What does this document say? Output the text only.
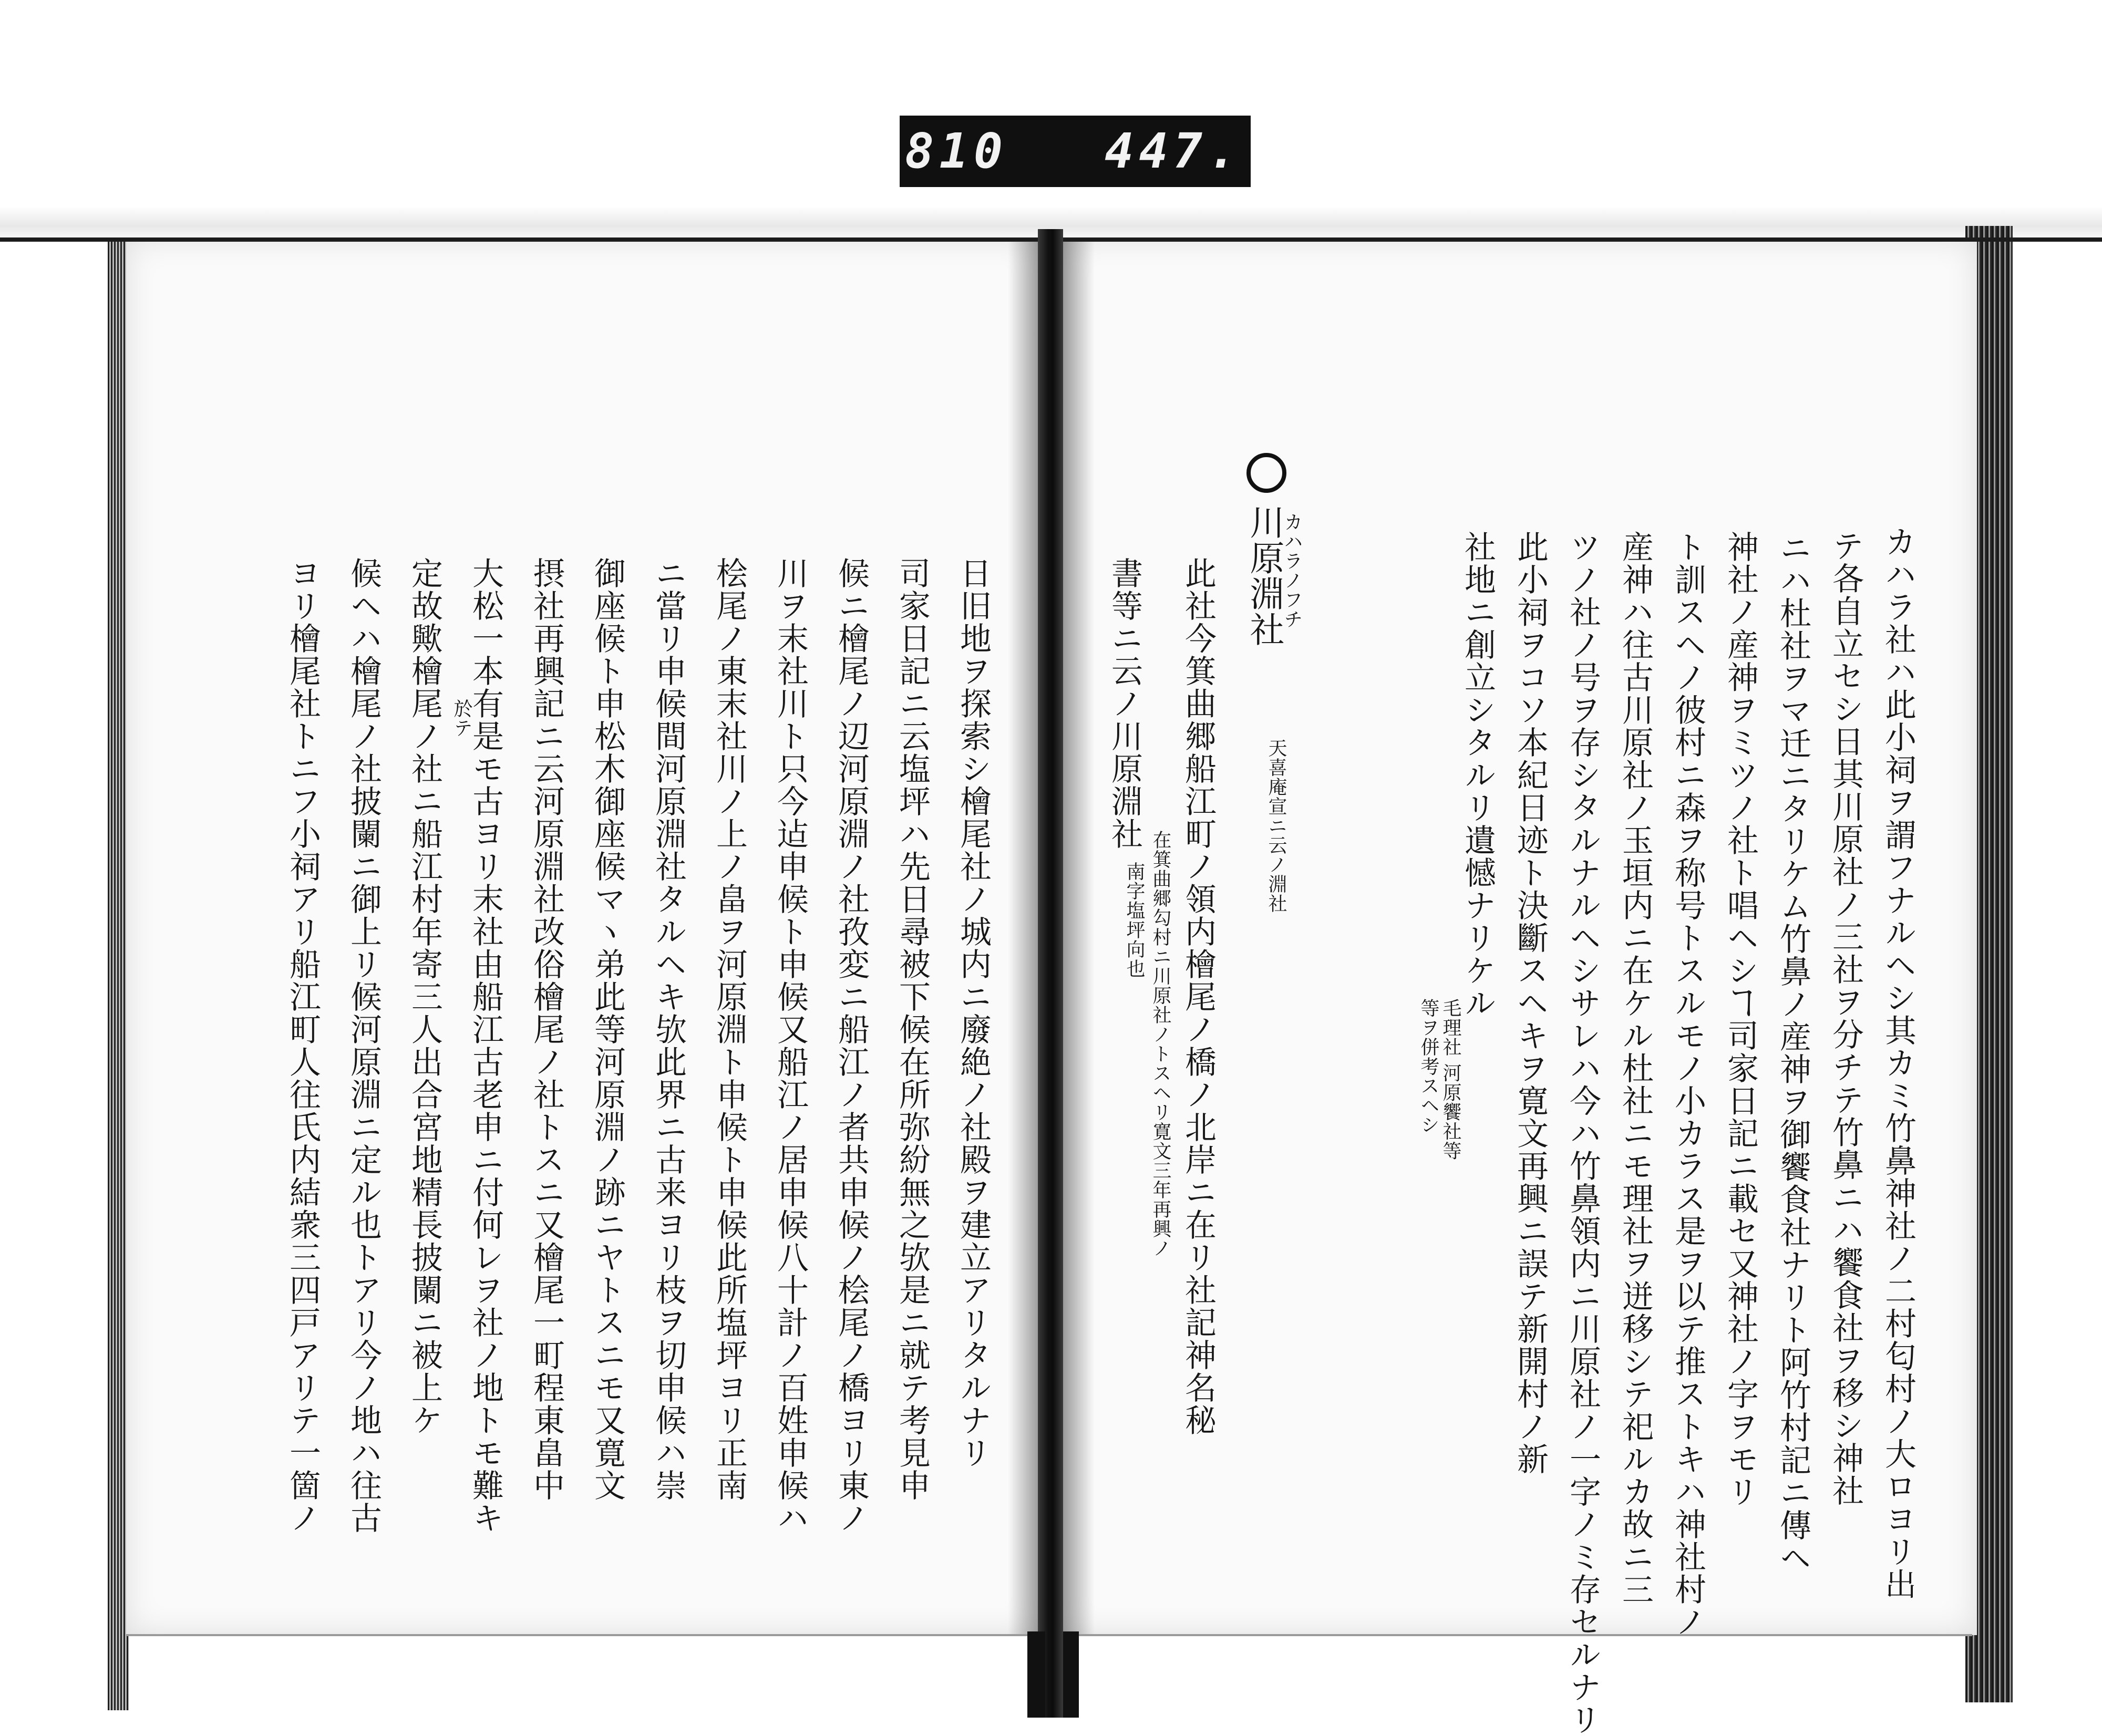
810 447.
カハラ社ハ此小祠ヲ謂フナルヘシ其カミ竹鼻神社ノ二村匂村ノ大ロヨリ出
テ各自立セシ日其川原社ノ三社ヲ分チテ竹鼻ニハ饗食社ヲ移シ神社
ニハ杜社ヲマ迁ニタリケム竹鼻ノ産神ヲ御饗食社ナリト阿竹村記ニ傳ヘ
神社ノ産神ヲミツノ社ト唱ヘシヿ司家日記ニ載セ又神社ノ字ヲモリ
ト訓スヘノ彼村ニ森ヲ称号トスルモノ小カラス是ヲ以テ推ストキハ神社村ノ
産神ハ往古川原社ノ玉垣内ニ在ケル杜社ニモ理社ヲ迸移シテ祀ルカ故ニ三
ツノ社ノ号ヲ存シタルナルヘシサレハ今ハ竹鼻領内ニ川原社ノ一字ノミ存セルナリ
此小祠ヲコソ本紀日迹ト決斷スヘキヲ寛文再興ニ誤テ新開村ノ新
社地ニ創立シタルリ遺憾ナリケル
毛理社 河原饗社等
等ヲ併考スヘシ
川原淵社
カハラノフチ
天喜庵宣ニ云ノ淵社
此社今箕曲郷船江町ノ領内檜尾ノ橋ノ北岸ニ在リ社記神名秘
書等ニ云ノ川原淵社
在箕曲郷勾村ニ川原社ノトスヘリ寛文三年再興ノ
南字塩坪向也
日旧地ヲ探索シ檜尾社ノ城内ニ廢絶ノ社殿ヲ建立アリタルナリ
司家日記ニ云塩坪ハ先日尋被下候在所弥紛無之欤是ニ就テ考見申
候ニ檜尾ノ辺河原淵ノ社孜変ニ船江ノ者共申候ノ桧尾ノ橋ヨリ東ノ
川ヲ末社川ト只今迠申候ト申候又船江ノ居申候八十計ノ百姓申候ハ
桧尾ノ東末社川ノ上ノ畠ヲ河原淵ト申候ト申候此所塩坪ヨリ正南
ニ當リ申候間河原淵社タルヘキ欤此界ニ古来ヨリ枝ヲ切申候ハ崇
御座候ト申松木御座候マヽ弟此等河原淵ノ跡ニヤトスニモ又寛文
摂社再興記ニ云河原淵社改俗檜尾ノ社トスニ又檜尾一町程東畠中
大松一本有是モ古ヨリ末社由船江古老申ニ付何レヲ社ノ地トモ難キ
定故歟檜尾ノ社ニ船江村年寄三人出合宮地精長披闌ニ被上ケ
候ヘハ檜尾ノ社披闌ニ御上リ候河原淵ニ定ル也トアリ今ノ地ハ往古
ヨリ檜尾社トニフ小祠アリ船江町人往氏内結衆三四戸アリテ一箇ノ	於テ
